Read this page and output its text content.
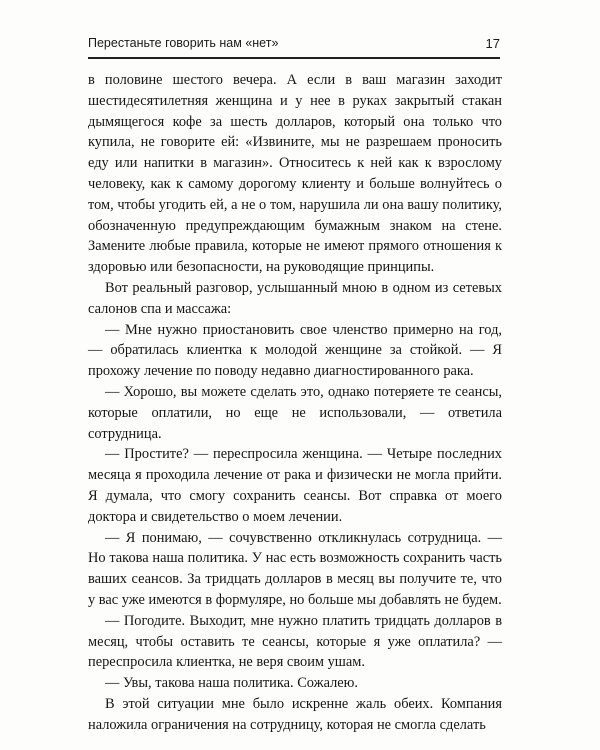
Перестаньте говорить нам «нет»	17

в половине шестого вечера. А если в ваш магазин заходит шестидесятилетняя женщина и у нее в руках закрытый стакан дымящегося кофе за шесть долларов, который она только что купила, не говорите ей: «Извините, мы не разрешаем проносить еду или напитки в магазин». Относитесь к ней как к взрослому человеку, как к самому дорогому клиенту и больше волнуйтесь о том, чтобы угодить ей, а не о том, нарушила ли она вашу политику, обозначенную предупреждающим бумажным знаком на стене. Замените любые правила, которые не имеют прямого отношения к здоровью или безопасности, на руководящие принципы.

Вот реальный разговор, услышанный мною в одном из сетевых салонов спа и массажа:

— Мне нужно приостановить свое членство примерно на год, — обратилась клиентка к молодой женщине за стойкой. — Я прохожу лечение по поводу недавно диагностированного рака.

— Хорошо, вы можете сделать это, однако потеряете те сеансы, которые оплатили, но еще не использовали, — ответила сотрудница.

— Простите? — переспросила женщина. — Четыре последних месяца я проходила лечение от рака и физически не могла прийти. Я думала, что смогу сохранить сеансы. Вот справка от моего доктора и свидетельство о моем лечении.

— Я понимаю, — сочувственно откликнулась сотрудница. — Но такова наша политика. У нас есть возможность сохранить часть ваших сеансов. За тридцать долларов в месяц вы получите те, что у вас уже имеются в формуляре, но больше мы добавлять не будем.

— Погодите. Выходит, мне нужно платить тридцать долларов в месяц, чтобы оставить те сеансы, которые я уже оплатила? — переспросила клиентка, не веря своим ушам.

— Увы, такова наша политика. Сожалею.

В этой ситуации мне было искренне жаль обеих. Компания наложила ограничения на сотрудницу, которая не смогла сделать
